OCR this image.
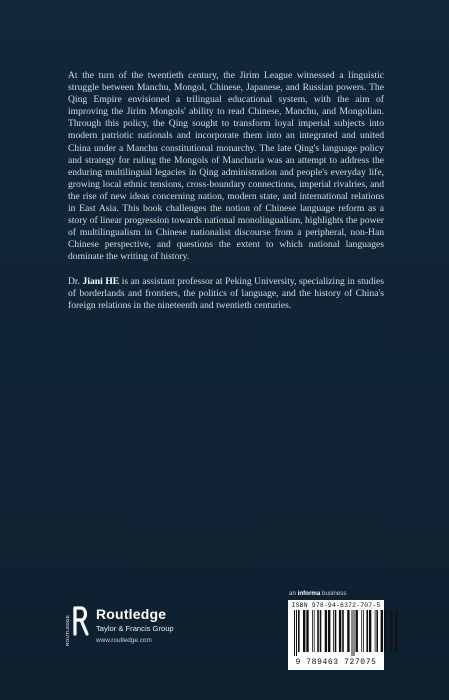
At the turn of the twentieth century, the Jirim League witnessed a linguistic struggle between Manchu, Mongol, Chinese, Japanese, and Russian powers. The Qing Empire envisioned a trilingual educational system, with the aim of improving the Jirim Mongols' ability to read Chinese, Manchu, and Mongolian. Through this policy, the Qing sought to transform loyal imperial subjects into modern patriotic nationals and incorporate them into an integrated and united China under a Manchu constitutional monarchy. The late Qing's language policy and strategy for ruling the Mongols of Manchuria was an attempt to address the enduring multilingual legacies in Qing administration and people's everyday life, growing local ethnic tensions, cross-boundary connections, imperial rivalries, and the rise of new ideas concerning nation, modern state, and international relations in East Asia. This book challenges the notion of Chinese language reform as a story of linear progression towards national monolingualism, highlights the power of multilingualism in Chinese nationalist discourse from a peripheral, non-Han Chinese perspective, and questions the extent to which national languages dominate the writing of history.

Dr. Jiani HE is an assistant professor at Peking University, specializing in studies of borderlands and frontiers, the politics of language, and the history of China's foreign relations in the nineteenth and twentieth centuries.

an informa business
ISBN 978-94-6372-707-5
9 789463 727075
ROUTLEDGE
Routledge
Taylor & Francis Group
www.routledge.com
